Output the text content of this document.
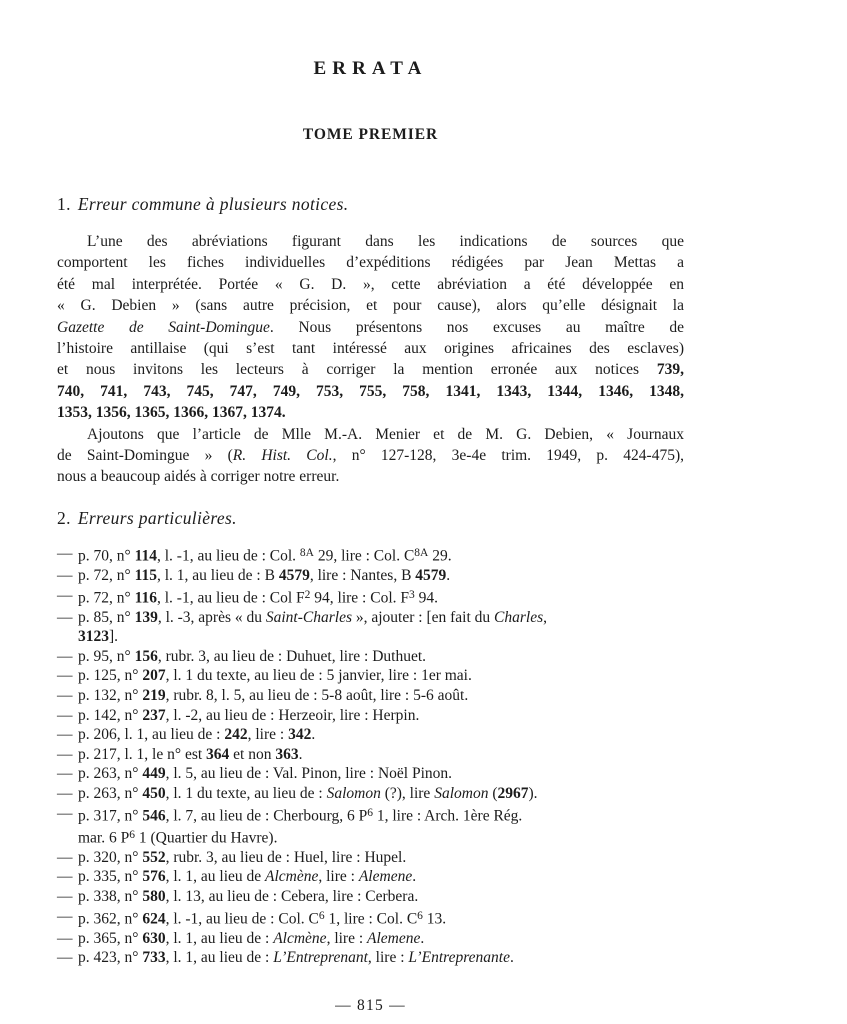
ERRATA
TOME PREMIER
1. Erreur commune à plusieurs notices.
L’une des abréviations figurant dans les indications de sources que
comportent les fiches individuelles d’expéditions rédigées par Jean Mettas a
été mal interprétée. Portée « G. D. », cette abréviation a été développée en
« G. Debien » (sans autre précision, et pour cause), alors qu’elle désignait la
Gazette de Saint-Domingue. Nous présentons nos excuses au maître de
l’histoire antillaise (qui s’est tant intéressé aux origines africaines des esclaves)
et nous invitons les lecteurs à corriger la mention erronée aux notices 739,
740, 741, 743, 745, 747, 749, 753, 755, 758, 1341, 1343, 1344, 1346, 1348,
1353, 1356, 1365, 1366, 1367, 1374.
Ajoutons que l’article de Mlle M.-A. Menier et de M. G. Debien, « Journaux
de Saint-Domingue » (R. Hist. Col., n° 127-128, 3e-4e trim. 1949, p. 424-475),
nous a beaucoup aidés à corriger notre erreur.
2. Erreurs particulières.
— p. 70, n° 114, l. -1, au lieu de : Col. $^{8A}$ 29, lire : Col. $C^{8A}$ 29.
— p. 72, n° 115, l. 1, au lieu de : B 4579, lire : Nantes, B 4579.
— p. 72, n° 116, l. -1, au lieu de : Col $F^2$ 94, lire : Col. $F^3$ 94.
— p. 85, n° 139, l. -3, après « du Saint-Charles », ajouter : [en fait du Charles,
3123].
— p. 95, n° 156, rubr. 3, au lieu de : Duhuet, lire : Duthuet.
— p. 125, n° 207, l. 1 du texte, au lieu de : 5 janvier, lire : 1er mai.
— p. 132, n° 219, rubr. 8, l. 5, au lieu de : 5-8 août, lire : 5-6 août.
— p. 142, n° 237, l. -2, au lieu de : Herzeoir, lire : Herpin.
— p. 206, l. 1, au lieu de : 242, lire : 342.
— p. 217, l. 1, le n° est 364 et non 363.
— p. 263, n° 449, l. 5, au lieu de : Val. Pinon, lire : Noël Pinon.
— p. 263, n° 450, l. 1 du texte, au lieu de : Salomon (?), lire Salomon (2967).
— p. 317, n° 546, l. 7, au lieu de : Cherbourg, 6 $P^6$ 1, lire : Arch. 1ère Rég.
mar. 6 $P^6$ 1 (Quartier du Havre).
— p. 320, n° 552, rubr. 3, au lieu de : Huel, lire : Hupel.
— p. 335, n° 576, l. 1, au lieu de Alcmène, lire : Alemene.
— p. 338, n° 580, l. 13, au lieu de : Cebera, lire : Cerbera.
— p. 362, n° 624, l. -1, au lieu de : Col. $C^6$ 1, lire : Col. $C^6$ 13.
— p. 365, n° 630, l. 1, au lieu de : Alcmène, lire : Alemene.
— p. 423, n° 733, l. 1, au lieu de : L’Entreprenant, lire : L’Entreprenante.
— 815 —
